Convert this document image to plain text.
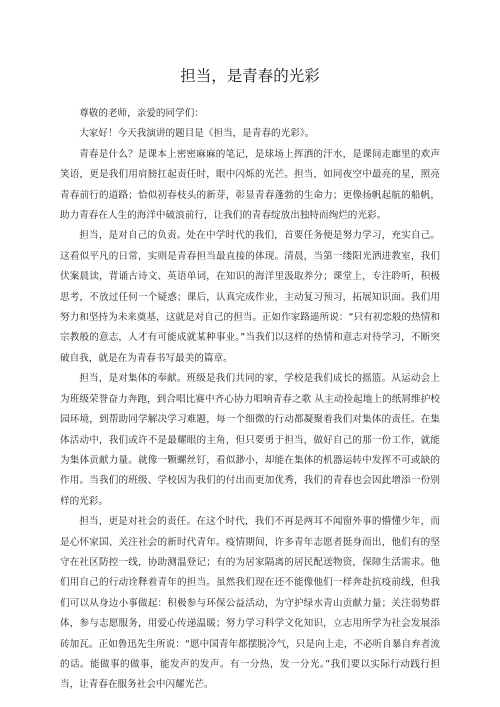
担当，是青春的光彩

尊敬的老师，亲爱的同学们：

大家好！今天我演讲的题目是《担当，是青春的光彩》。

青春是什么？是课本上密密麻麻的笔记，是球场上挥洒的汗水，是课间走廊里的欢声笑语，更是我们用肩膀扛起责任时，眼中闪烁的光芒。担当，如同夜空中最亮的星，照亮青春前行的道路；恰似初春枝头的新芽，彰显青春蓬勃的生命力；更像扬帆起航的船帆，助力青春在人生的海洋中破浪前行，让我们的青春绽放出独特而绚烂的光彩。

担当，是对自己的负责。处在中学时代的我们，首要任务便是努力学习，充实自己。这看似平凡的日常，实则是青春担当最直接的体现。清晨，当第一缕阳光洒进教室，我们伏案晨读，背诵古诗文、英语单词，在知识的海洋里汲取养分；课堂上，专注聆听，积极思考，不放过任何一个疑惑；课后，认真完成作业，主动复习预习，拓展知识面。我们用努力和坚持为未来奠基，这就是对自己的担当。正如作家路遥所说：“只有初恋般的热情和宗教般的意志，人才有可能成就某种事业。”当我们以这样的热情和意志对待学习，不断突破自我，就是在为青春书写最美的篇章。

担当，是对集体的奉献。班级是我们共同的家，学校是我们成长的摇篮。从运动会上为班级荣誉奋力奔跑，到合唱比赛中齐心协力唱响青春之歌 从主动捡起地上的纸屑维护校园环境，到帮助同学解决学习难题，每一个细微的行动都凝聚着我们对集体的责任。在集体活动中，我们或许不是最耀眼的主角，但只要勇于担当，做好自己的那一份工作，就能为集体贡献力量。就像一颗螺丝钉，看似渺小，却能在集体的机器运转中发挥不可或缺的作用。当我们的班级、学校因为我们的付出而更加优秀，我们的青春也会因此增添一份别样的光彩。

担当，更是对社会的责任。在这个时代，我们不再是两耳不闻窗外事的懵懂少年，而是心怀家国、关注社会的新时代青年。疫情期间，许多青年志愿者挺身而出，他们有的坚守在社区防控一线，协助测温登记；有的为居家隔离的居民配送物资，保障生活需求。他们用自己的行动诠释着青年的担当。虽然我们现在还不能像他们一样奔赴抗疫前线，但我们可以从身边小事做起：积极参与环保公益活动，为守护绿水青山贡献力量；关注弱势群体，参与志愿服务，用爱心传递温暖；努力学习科学文化知识，立志用所学为社会发展添砖加瓦。正如鲁迅先生所说：“愿中国青年都摆脱冷气，只是向上走，不必听自暴自弃者流的话。能做事的做事，能发声的发声。有一分热，发一分光。”我们要以实际行动践行担当，让青春在服务社会中闪耀光芒。
